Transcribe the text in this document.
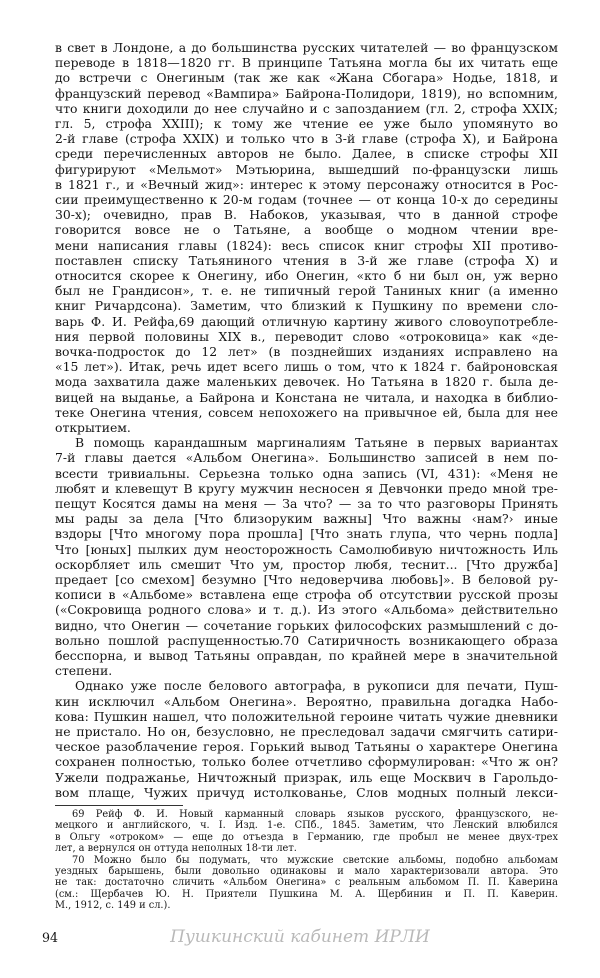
в свет в Лондоне, а до большинства русских читателей — во французском
переводе в 1818—1820 гг. В принципе Татьяна могла бы их читать еще
до встречи с Онегиным (так же как «Жана Сбогара» Нодье, 1818, и
французский перевод «Вампира» Байрона-Полидори, 1819), но вспомним,
что книги доходили до нее случайно и с запозданием (гл. 2, строфа XXIX;
гл. 5, строфа XXIII); к тому же чтение ее уже было упомянуто во
2-й главе (строфа XXIX) и только что в 3-й главе (строфа X), и Байрона
среди перечисленных авторов не было. Далее, в списке строфы XII
фигурируют «Мельмот» Мэтьюрина, вышедший по-французски лишь
в 1821 г., и «Вечный жид»: интерес к этому персонажу относится в Рос-
сии преимущественно к 20-м годам (точнее — от конца 10-х до середины
30-х); очевидно, прав В. Набоков, указывая, что в данной строфе
говорится вовсе не о Татьяне, а вообще о модном чтении вре-
мени написания главы (1824): весь список книг строфы XII противо-
поставлен списку Татьяниного чтения в 3-й же главе (строфа X) и
относится скорее к Онегину, ибо Онегин, «кто б ни был он, уж верно
был не Грандисон», т. е. не типичный герой Таниных книг (а именно
книг Ричардсона). Заметим, что близкий к Пушкину по времени сло-
варь Ф. И. Рейфа,69 дающий отличную картину живого словоупотребле-
ния первой половины XIX в., переводит слово «отроковица» как «де-
вочка-подросток до 12 лет» (в позднейших изданиях исправлено на
«15 лет»). Итак, речь идет всего лишь о том, что к 1824 г. байроновская
мода захватила даже маленьких девочек. Но Татьяна в 1820 г. была де-
вицей на выданье, а Байрона и Констана не читала, и находка в библио-
теке Онегина чтения, совсем непохожего на привычное ей, была для нее
открытием.
В помощь карандашным маргиналиям Татьяне в первых вариантах
7-й главы дается «Альбом Онегина». Большинство записей в нем по-
всести тривиальны. Серьезна только одна запись (VI, 431): «Меня не
любят и клевещут В кругу мужчин несносен я Девчонки предо мной тре-
пещут Косятся дамы на меня — За что? — за то что разговоры Принять
мы рады за дела [Что близоруким важны] Что важны ‹нам?› иные
вздоры [Что многому пора прошла] [Что знать глупа, что чернь подла]
Что [юных] пылких дум неосторожность Самолюбивую ничтожность Иль
оскорбляет иль смешит Что ум, простор любя, теснит... [Что дружба]
предает [со смехом] безумно [Что недоверчива любовь]». В беловой ру-
кописи в «Альбоме» вставлена еще строфа об отсутствии русской прозы
(«Сокровища родного слова» и т. д.). Из этого «Альбома» действительно
видно, что Онегин — сочетание горьких философских размышлений с до-
вольно пошлой распущенностью.70 Сатиричность возникающего образа
бесспорна, и вывод Татьяны оправдан, по крайней мере в значительной
степени.
Однако уже после белового автографа, в рукописи для печати, Пуш-
кин исключил «Альбом Онегина». Вероятно, правильна догадка Набо-
кова: Пушкин нашел, что положительной героине читать чужие дневники
не пристало. Но он, безусловно, не преследовал задачи смягчить сатири-
ческое разоблачение героя. Горький вывод Татьяны о характере Онегина
сохранен полностью, только более отчетливо сформулирован: «Что ж он?
Ужели подражанье, Ничтожный призрак, иль еще Москвич в Гарольдо-
вом плаще, Чужих причуд истолкованье, Слов модных полный лекси-
69 Рейф Ф. И. Новый карманный словарь языков русского, французского, не-
мецкого и английского, ч. I. Изд. 1-е. СПб., 1845. Заметим, что Ленский влюбился
в Ольгу «отроком» — еще до отъезда в Германию, где пробыл не менее двух-трех
лет, а вернулся он оттуда неполных 18-ти лет.
70 Можно было бы подумать, что мужские светские альбомы, подобно альбомам
уездных барышень, были довольно одинаковы и мало характеризовали автора. Это
не так: достаточно сличить «Альбом Онегина» с реальным альбомом П. П. Каверина
(см.: Щербачев Ю. Н. Приятели Пушкина М. А. Щербинин и П. П. Каверин.
М., 1912, с. 149 и сл.).
94	Пушкинский кабинет ИРЛИ
